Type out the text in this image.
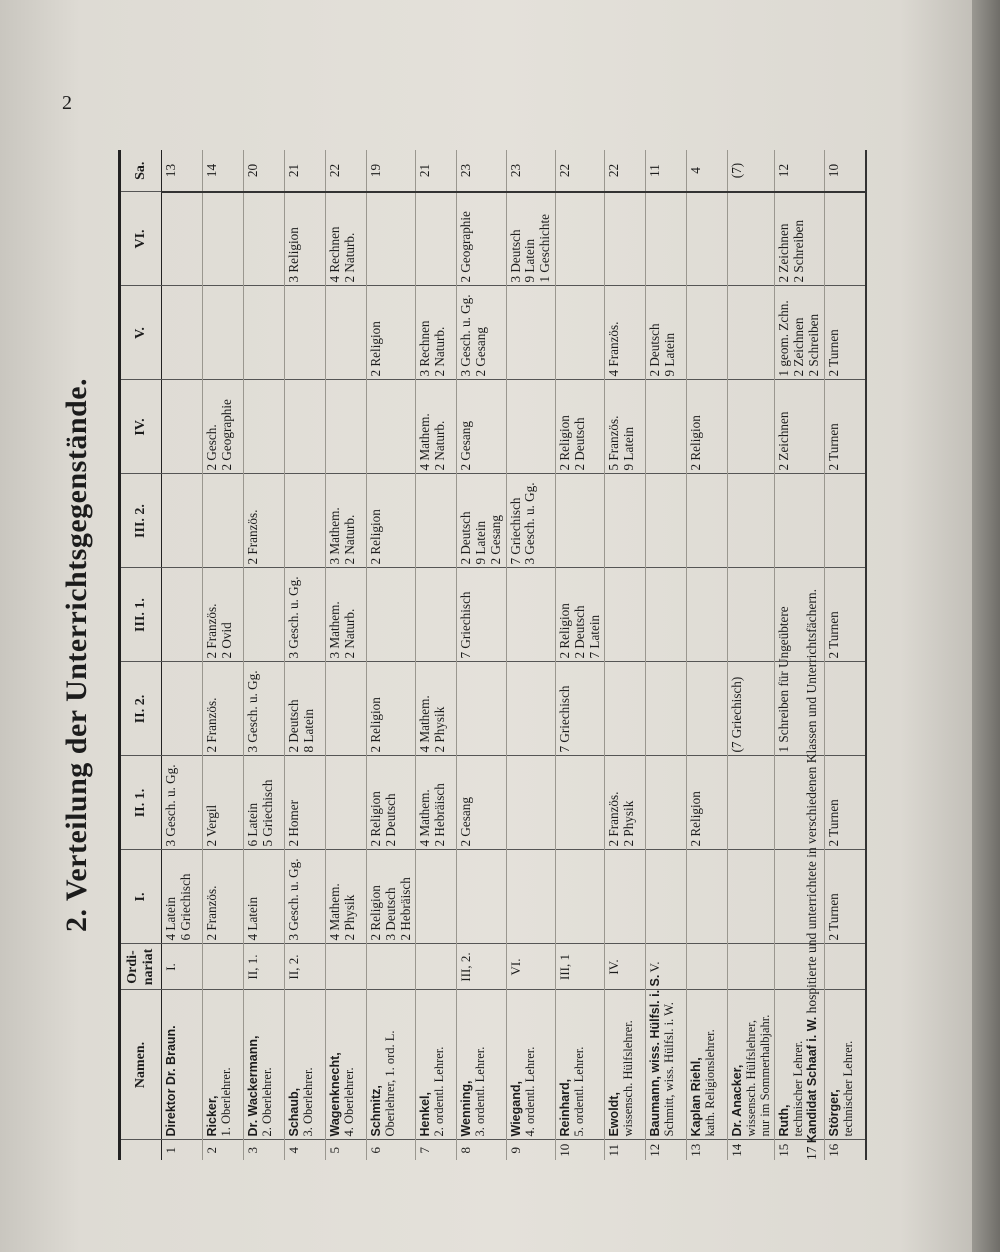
2
2. Verteilung der Unterrichtsgegenstände.
	Namen.	Ordi-nariat	I.	II. 1.	II. 2.	III. 1.	III. 2.	IV.	V.	VI.	Sa.
1	Direktor Dr. Braun.	I.	4 Latein 6 Griechisch	3 Gesch. u. Gg.							13
2	Ricker, 1. Oberlehrer.		2 Französ.	2 Vergil	2 Französ.	2 Französ. 2 Ovid		2 Gesch. 2 Geographie			14
3	Dr. Wackermann, 2. Oberlehrer.	II, 1.	4 Latein	6 Latein 5 Griechisch	3 Gesch. u. Gg.		2 Französ.				20
4	Schaub, 3. Oberlehrer.	II, 2.	3 Gesch. u. Gg.	2 Homer	2 Deutsch 8 Latein	3 Gesch. u. Gg.				3 Religion	21
5	Wagenknecht, 4. Oberlehrer.		4 Mathem. 2 Physik			3 Mathem. 2 Naturb.	3 Mathem. 2 Naturb.			4 Rechnen 2 Naturb.	22
6	Schmitz, Oberlehrer, 1. ord. L.		2 Religion 3 Deutsch 2 Hebräisch	2 Religion 2 Deutsch	2 Religion		2 Religion		2 Religion		19
7	Henkel, 2. ordentl. Lehrer.			4 Mathem. 2 Hebräisch	4 Mathem. 2 Physik			4 Mathem. 2 Naturb.	3 Rechnen 2 Naturb.		21
8	Wenning, 3. ordentl. Lehrer.	III, 2.		2 Gesang		7 Griechisch	2 Deutsch 9 Latein 2 Gesang	2 Gesang	3 Gesch. u. Gg. 2 Gesang	2 Geographie	23
9	Wiegand, 4. ordentl. Lehrer.	VI.					7 Griechisch 3 Gesch. u. Gg.			3 Deutsch 9 Latein 1 Geschichte	23
10	Reinhard, 5. ordentl. Lehrer.	III, 1			7 Griechisch	2 Religion 2 Deutsch 7 Latein		2 Religion 2 Deutsch			22
11	Ewoldt, wissensch. Hülfslehrer.	IV.		2 Französ. 2 Physik				5 Französ. 9 Latein	4 Französ.		22
12	Baumann, wiss. Hülfsl. i. S. Schmitt, wiss. Hülfsl. i. W.	V.							2 Deutsch 9 Latein		11
13	Kaplan Riehl, kath. Religionslehrer.			2 Religion				2 Religion			4
14	Dr. Anacker, wissensch. Hülfslehrer, nur im Sommerhalbjahr.				(7 Griechisch)						(7)
15	Ruth, technischer Lehrer.				1 Schreiben für Ungeübtere			2 Zeichnen	1 geom. Zchn. 2 Zeichnen 2 Schreiben	2 Zeichnen 2 Schreiben	12
16	Störger, technischer Lehrer.		2 Turnen	2 Turnen		2 Turnen		2 Turnen	2 Turnen		10
17 Kandidat Schaaf i. W. hospitierte und unterrichtete in verschiedenen Klassen und Unterrichtsfächern.
